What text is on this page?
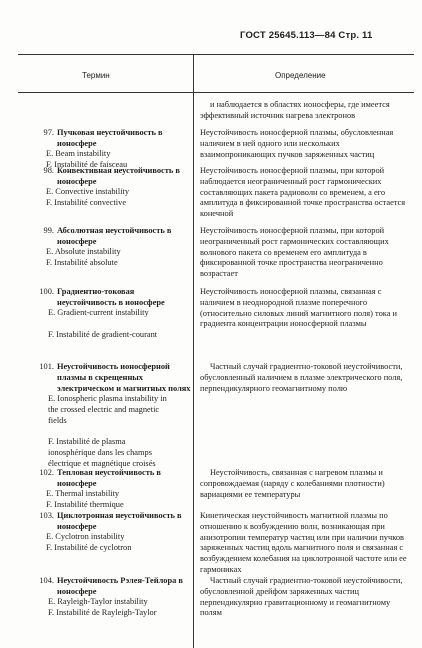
ГОСТ 25645.113—84 Стр. 11
Термин	Определение
и наблюдается в областях ионосферы, где имеется эффективный источник нагрева электронов
97. Пучковая неустойчивость в ионосфере
E. Beam instability
F. Instabilité de faisceau
Неустойчивость ионосферной плазмы, обусловленная наличием в ней одного или нескольких взаимопроникающих пучков заряженных частиц
98. Конвективная неустойчивость в ионосфере
E. Convective instability
F. Instabilité convective
Неустойчивость ионосферной плазмы, при которой наблюдается неограниченный рост гармонических составляющих пакета радиоволн со временем, а его амплитуда в фиксированной точке пространства остается конечной
99. Абсолютная неустойчивость в ионосфере
E. Absolute instability
F. Instabilité absolute
Неустойчивость ионосферной плазмы, при которой неограниченный рост гармонических составляющих волнового пакета со временем его амплитуда в фиксированной точке пространства неограниченно возрастает
100. Градиентно-токовая неустойчивость в ионосфере
E. Gradient-current instability
F. Instabilité de gradient-courant
Неустойчивость ионосферной плазмы, связанная с наличием в неоднородной плазме поперечного (относительно силовых линий магнитного поля) тока и градиента концентрации ионосферной плазмы
101. Неустойчивость ионосферной плазмы в скрещенных электрическом и магнитных полях
E. Ionospheric plasma instability in the crossed electric and magnetic fields
F. Instabilité de plasma ionosphérique dans les champs électrique et magnétique croisés
Частный случай градиентно-токовой неустойчивости, обусловленный наличием в плазме электрического поля, перпендикулярного геомагнитному полю
102. Тепловая неустойчивость в ионосфере
E. Thermal instability
F. Instabilité thermique
Неустойчивость, связанная с нагревом плазмы и сопровождаемая (наряду с колебаниями плотности) вариациями ее температуры
103. Циклотронная неустойчивость в ионосфере
E. Cyclotron instability
F. Instabilité de cyclotron
Кинетическая неустойчивость магнитной плазмы по отношению к возбуждению волн, возникающая при анизотропии температур частиц или при наличии пучков заряженных частиц вдоль магнитного поля и связанная с возбуждением колебания на циклотронной частоте или ее гармониках
104. Неустойчивость Рэлея-Тейлора в ионосфере
E. Rayleigh-Taylor instability
F. Instabilité de Rayleigh-Taylor
Частный случай градиентно-токовой неустойчивости, обусловленной дрейфом заряженных частиц перпендикулярно гравитационному и геомагнитному полям
